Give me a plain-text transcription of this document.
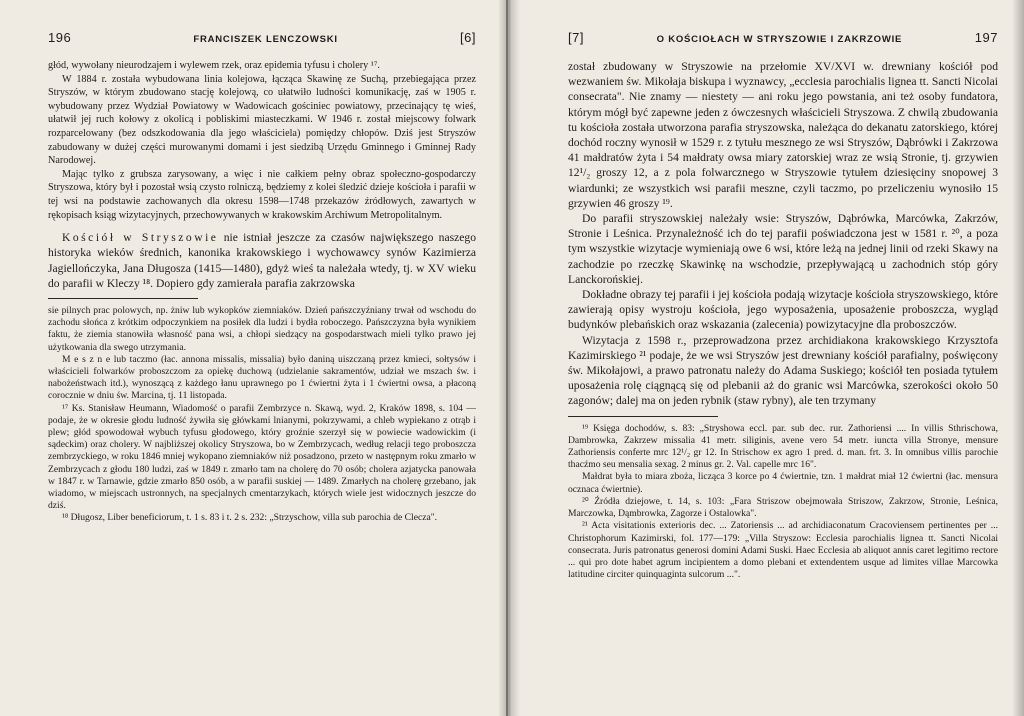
196	FRANCISZEK LENCZOWSKI	[6]

głód, wywołany nieurodzajem i wylewem rzek, oraz epidemia tyfusu i cholery ¹⁷.

W 1884 r. została wybudowana linia kolejowa, łącząca Skawinę ze Suchą, przebiegająca przez Stryszów, w którym zbudowano stację kolejową, co ułatwiło ludności komunikację, zaś w 1905 r. wybudowany przez Wydział Powiatowy w Wadowicach gościniec powiatowy, przecinający tę wieś, ułatwił jej ruch kołowy z okolicą i pobliskimi miasteczkami. W 1946 r. został miejscowy folwark rozparcelowany (bez odszkodowania dla jego właściciela) pomiędzy chłopów. Dziś jest Stryszów zabudowany w dużej części murowanymi domami i jest siedzibą Urzędu Gminnego i Gminnej Rady Narodowej.

Mając tylko z grubsza zarysowany, a więc i nie całkiem pełny obraz społeczno-gospodarczy Stryszowa, który był i pozostał wsią czysto rolniczą, będziemy z kolei śledzić dzieje kościoła i parafii w tej wsi na podstawie zachowanych dla okresu 1598—1748 przekazów źródłowych, zawartych w rękopisach ksiąg wizytacyjnych, przechowywanych w krakowskim Archiwum Metropolitalnym.

Kościół w Stryszowie nie istniał jeszcze za czasów największego naszego historyka wieków średnich, kanonika krakowskiego i wychowawcy synów Kazimierza Jagiellończyka, Jana Długosza (1415—1480), gdyż wieś ta należała wtedy, tj. w XV wieku do parafii w Kleczy ¹⁸. Dopiero gdy zamierała parafia zakrzowska

sie pilnych prac polowych, np. żniw lub wykopków ziemniaków. Dzień pańszczyźniany trwał od wschodu do zachodu słońca z krótkim odpoczynkiem na posiłek dla ludzi i bydła roboczego. Pańszczyzna była wynikiem faktu, że ziemia stanowiła własność pana wsi, a chłopi siedzący na gospodarstwach mieli tylko prawo jej użytkowania dla swego utrzymania.

M e s z n e lub taczmo (łac. annona missalis, missalia) było daniną uiszczaną przez kmieci, sołtysów i właścicieli folwarków proboszczom za opiekę duchową (udzielanie sakramentów, udział we mszach św. i nabożeństwach itd.), wynoszącą z każdego łanu uprawnego po 1 ćwiertni żyta i 1 ćwiertni owsa, a płaconą corocznie w dniu św. Marcina, tj. 11 listopada.

¹⁷ Ks. Stanisław Heumann, Wiadomość o parafii Zembrzyce n. Skawą, wyd. 2, Kraków 1898, s. 104 — podaje, że w okresie głodu ludność żywiła się główkami lnianymi, pokrzywami, a chleb wypiekano z otrąb i plew; głód spowodował wybuch tyfusu głodowego, który groźnie szerzył się w powiecie wadowickim (i sądeckim) oraz cholery. W najbliższej okolicy Stryszowa, bo w Zembrzycach, według relacji tego proboszcza zembrzyckiego, w roku 1846 mniej wykopano ziemniaków niż posadzono, przeto w następnym roku zmarło w Zembrzycach z głodu 180 ludzi, zaś w 1849 r. zmarło tam na cholerę do 70 osób; cholera azjatycka panowała w 1847 r. w Tarnawie, gdzie zmarło 850 osób, a w parafii suskiej — 1489. Zmarłych na cholerę grzebano, jak wiadomo, w miejscach ustronnych, na specjalnych cmentarzykach, których wiele jest widocznych jeszcze do dziś.

¹⁸ Długosz, Liber beneficiorum, t. 1 s. 83 i t. 2 s. 232: „Strzyschow, villa sub parochia de Clecza".

[7]	O KOŚCIOŁACH W STRYSZOWIE I ZAKRZOWIE	197

został zbudowany w Stryszowie na przełomie XV/XVI w. drewniany kościół pod wezwaniem św. Mikołaja biskupa i wyznawcy, „ecclesia parochialis lignea tt. Sancti Nicolai consecrata". Nie znamy — niestety — ani roku jego powstania, ani też osoby fundatora, którym mógł być zapewne jeden z ówczesnych właścicieli Stryszowa. Z chwilą zbudowania tu kościoła została utworzona parafia stryszowska, należąca do dekanatu zatorskiego, której dochód roczny wynosił w 1529 r. z tytułu mesznego ze wsi Stryszów, Dąbrówki i Zakrzowa 41 małdratów żyta i 54 małdraty owsa miary zatorskiej wraz ze wsią Stronie, tj. grzywien 12¹/₂ groszy 12, a z pola folwarcznego w Stryszowie tytułem dziesięciny snopowej 3 wiardunki; ze wszystkich wsi parafii meszne, czyli taczmo, po przeliczeniu wynosiło 15 grzywien 46 groszy ¹⁹.

Do parafii stryszowskiej należały wsie: Stryszów, Dąbrówka, Marcówka, Zakrzów, Stronie i Leśnica. Przynależność ich do tej parafii poświadczona jest w 1581 r. ²⁰, a poza tym wszystkie wizytacje wymieniają owe 6 wsi, które leżą na jednej linii od rzeki Skawy na zachodzie po rzeczkę Skawinkę na wschodzie, przepływającą u zachodnich stóp góry Lanckorońskiej.

Dokładne obrazy tej parafii i jej kościoła podają wizytacje kościoła stryszowskiego, które zawierają opisy wystroju kościoła, jego wyposażenia, uposażenie proboszcza, wygląd budynków plebańskich oraz wskazania (zalecenia) powizytacyjne dla proboszczów.

Wizytacja z 1598 r., przeprowadzona przez archidiakona krakowskiego Krzysztofa Kazimirskiego ²¹ podaje, że we wsi Stryszów jest drewniany kościół parafialny, poświęcony św. Mikołajowi, a prawo patronatu należy do Adama Suskiego; kościół ten posiada tytułem uposażenia rolę ciągnącą się od plebanii aż do granic wsi Marcówka, szerokości około 50 zagonów; dalej ma on jeden rybnik (staw rybny), ale ten trzymany

¹⁹ Księga dochodów, s. 83: „Stryshowa eccl. par. sub dec. rur. Zathoriensi .... In villis Sthrischowa, Dambrowka, Zakrzew missalia 41 metr. siliginis, avene vero 54 metr. iuncta villa Stronye, mensure Zathoriensis conferte mrc 12¹/₂ gr 12. In Strischow ex agro 1 pred. d. man. frt. 3. In omnibus villis parochie thacźmo seu mensalia sexag. 2 minus gr. 2. Val. capelle mrc 16".

Małdrat była to miara zboża, licząca 3 korce po 4 ćwiertnie, tzn. 1 małdrat miał 12 ćwiertni (łac. mensura ocznaca ćwiertnie).

²⁰ Źródła dziejowe, t. 14, s. 103: „Fara Striszow obejmowała Striszow, Zakrzow, Stronie, Leśnica, Marczowka, Dąmbrowka, Zagorze i Ostalowka".

²¹ Acta visitationis exterioris dec. ... Zatoriensis ... ad archidiaconatum Cracoviensem pertinentes per ... Christophorum Kazimirski, fol. 177—179: „Villa Stryszow: Ecclesia parochialis lignea tt. Sancti Nicolai consecrata. Juris patronatus generosi domini Adami Suski. Haec Ecclesia ab aliquot annis caret legitimo rectore ... qui pro dote habet agrum incipientem a domo plebani et extendentem usque ad limites villae Marcowka latitudine circiter quinquaginta sulcorum ...".
